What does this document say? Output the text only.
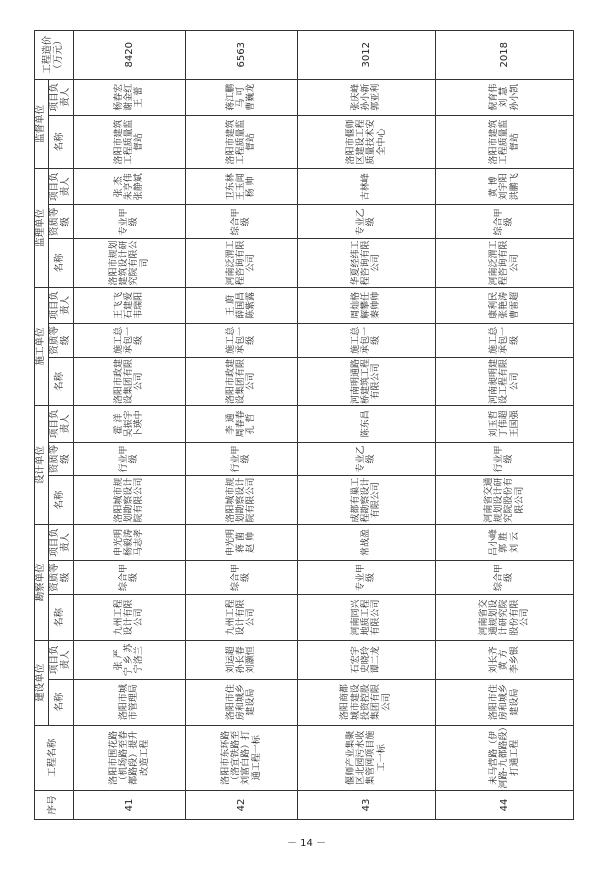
序号	工程名称	建设单位		勘察单位			设计单位			施工单位			监理单位			监督单位		工程造价（万元）
		名称	项目负责人	名称	资质等级	项目负责人	名称	资质等级	项目负责人	名称	资质等级	项目负责人	名称	资质等级	项目负责人	名称	项目负责人	
41	洛阳市围花路（机场路至春都路段）提升改造工程	洛阳市城市管理局	张 严
宁 乡 苏
宁洛兰	九州工程设计有限公司	综合甲级	申光明
杨毅涛
马志孝	洛阳城市规划勘察设计院有限公司	行业甲级	霍 洋
吴振宇
卜瑛中	洛阳市政建设集团有限公司	施工总承包一级	王飞飞
石建爱
韦瑞阳	洛阳市规划建筑设计研究院有限公司	专业甲级	张 杰
朱亨伟
张静斌	洛阳市建筑工程质量监督站	杨春宏
谢金红
王 蕾	8420
42	洛阳市东环路（洛宜铁路至刘富白路）打通工程一标	洛阳市住房和城乡建设局	刘运超
孙长春
刘灏恒	九州工程设计有限公司	综合甲级	申光明
蒋 菌
赵 帅	洛阳城市规划勘察设计院有限公司	行业甲级	李 通
周春春
孔 哲	洛阳市政建设集团有限公司	施工总承包一级	王 蔚
薛国昌
陈紫露	河南泛渭工程咨询有限公司	综合甲级	卫东林
王玉闻
杨 帅	洛阳市建筑工程质量监督站	蒋江鹏
马 可
曹巍龙	6563
43	偃师产业集聚区北园污水收集管网项目施工一标	洛阳商都城市建设投资控股集团有限公司	石宏宇
史晓玲
谭二龙	河南同兴地质工程有限公司	专业甲级	常战盈	成都有巢工程勘察设计有限公司	专业乙级	陈东昌	河南明通路桥建筑工程有限公司	施工总承包一级	周灿格
解攀任
秦帅帅	华夏经纬工程咨询有限公司	专业乙级	古林峰	洛阳市偃师区建设工程质量技术安全中心	张庆峰
孙小新
郭亚利	3012
44	未马营路（伊河路-九都路段）打通工程	洛阳市住房和城乡建设局	刘长齐
黄 方
李乡银	河南省交通规划设计研究院股份有限公司	综合甲级	吕小峰
郭 胜
刘 云	河南省交通规划设计研究院股份有限公司	行业甲级	刘玉哲
丁伟超
王国强	河南昶明建设工程有限公司	施工总承包一级	康利民
张艳涛
曹雷超	河南泛渭工程咨询有限公司	综合甲级	黄 博
刘宇阳
洪鹏飞	洛阳市建筑工程质量监督站	倪育伟
刘 慧
孙小凯	2018
－ 14 －
